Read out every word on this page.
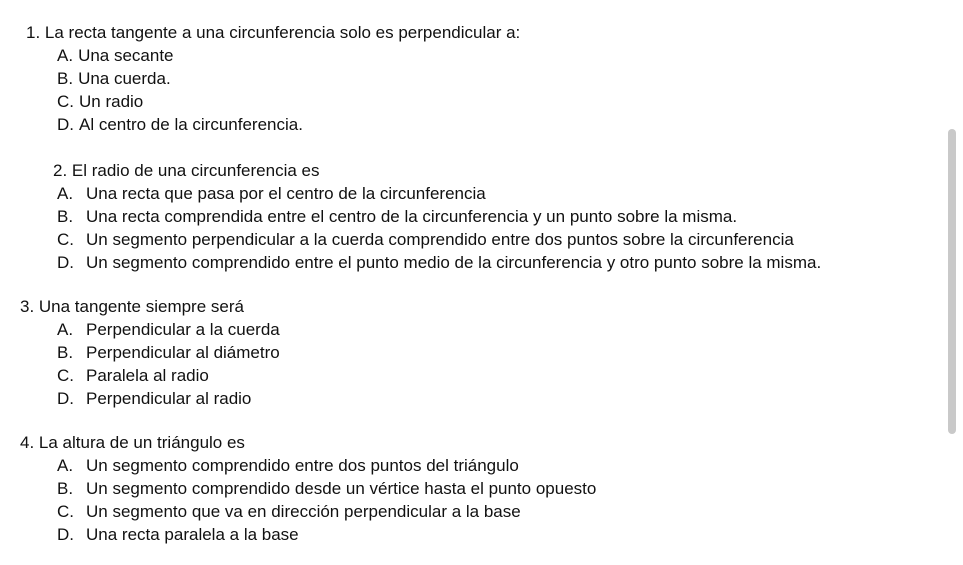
1. La recta tangente a una circunferencia solo es perpendicular a:
A. Una secante
B. Una cuerda.
C. Un radio
D. Al centro de la circunferencia.
2. El radio de una circunferencia es
A. Una recta que pasa por el centro de la circunferencia
B. Una recta comprendida entre el centro de la circunferencia y un punto sobre la misma.
C. Un segmento perpendicular a la cuerda comprendido entre dos puntos sobre la circunferencia
D. Un segmento comprendido entre el punto medio de la circunferencia y otro punto sobre la misma.
3. Una tangente siempre será
A. Perpendicular a la cuerda
B. Perpendicular al diámetro
C. Paralela al radio
D. Perpendicular al radio
4. La altura de un triángulo es
A. Un segmento comprendido entre dos puntos del triángulo
B. Un segmento comprendido desde un vértice hasta el punto opuesto
C. Un segmento que va en dirección perpendicular a la base
D. Una recta paralela a la base
